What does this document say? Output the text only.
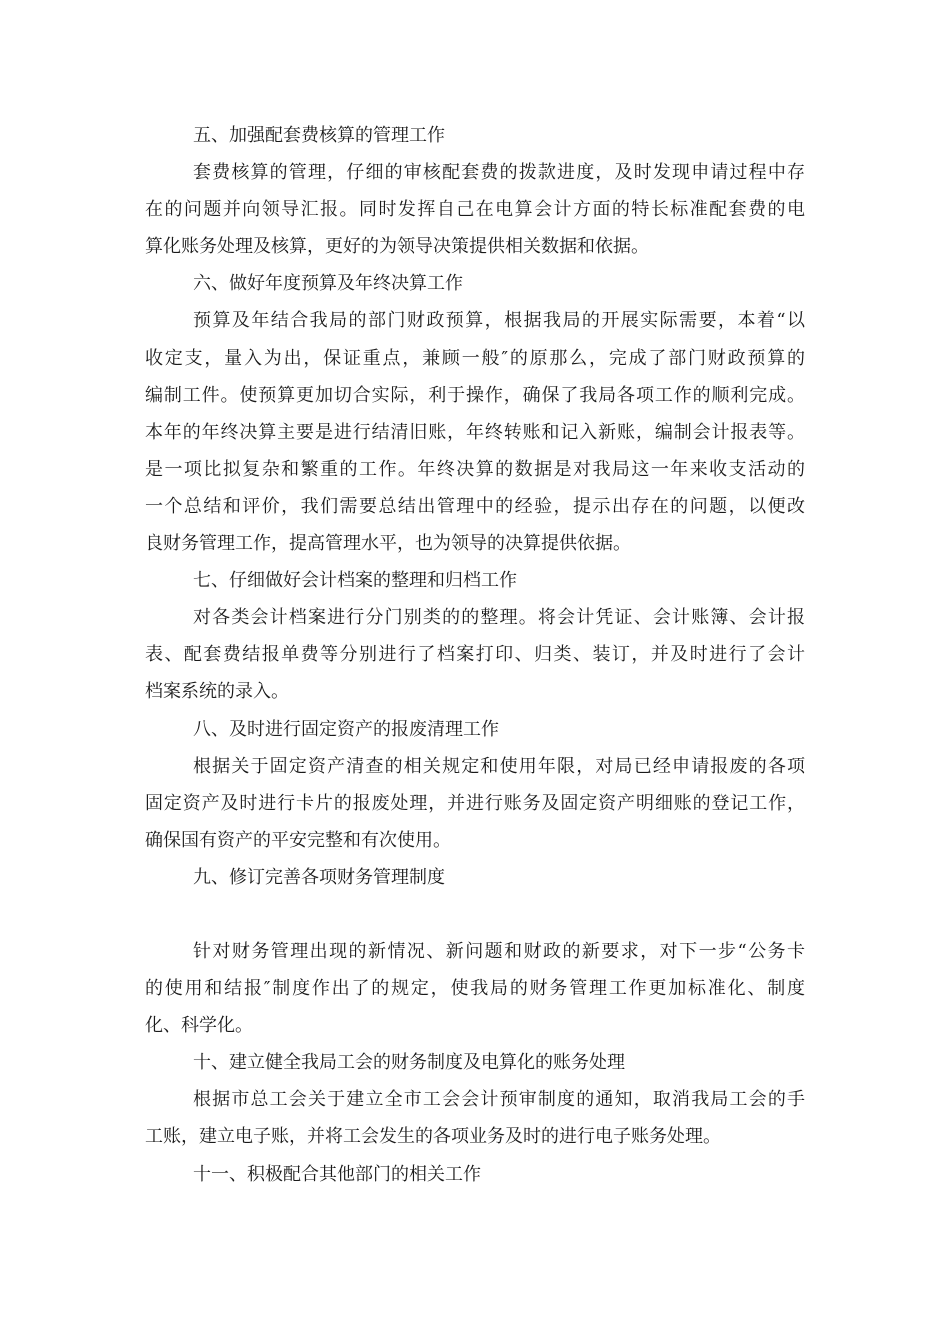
五、加强配套费核算的管理工作
套费核算的管理，仔细的审核配套费的拨款进度，及时发现申请过程中存
在的问题并向领导汇报。同时发挥自己在电算会计方面的特长标准配套费的电
算化账务处理及核算，更好的为领导决策提供相关数据和依据。
六、做好年度预算及年终决算工作
预算及年结合我局的部门财政预算，根据我局的开展实际需要，本着“以
收定支，量入为出，保证重点，兼顾一般″的原那么，完成了部门财政预算的
编制工件。使预算更加切合实际，利于操作，确保了我局各项工作的顺利完成。
本年的年终决算主要是进行结清旧账，年终转账和记入新账，编制会计报表等。
是一项比拟复杂和繁重的工作。年终决算的数据是对我局这一年来收支活动的
一个总结和评价，我们需要总结出管理中的经验，提示出存在的问题，以便改
良财务管理工作，提高管理水平，也为领导的决算提供依据。
七、仔细做好会计档案的整理和归档工作
对各类会计档案进行分门别类的的整理。将会计凭证、会计账簿、会计报
表、配套费结报单费等分别进行了档案打印、归类、装订，并及时进行了会计
档案系统的录入。
八、及时进行固定资产的报废清理工作
根据关于固定资产清查的相关规定和使用年限，对局已经申请报废的各项
固定资产及时进行卡片的报废处理，并进行账务及固定资产明细账的登记工作，
确保国有资产的平安完整和有次使用。
九、修订完善各项财务管理制度
针对财务管理出现的新情况、新问题和财政的新要求，对下一步“公务卡
的使用和结报″制度作出了的规定，使我局的财务管理工作更加标准化、制度
化、科学化。
十、建立健全我局工会的财务制度及电算化的账务处理
根据市总工会关于建立全市工会会计预审制度的通知，取消我局工会的手
工账，建立电子账，并将工会发生的各项业务及时的进行电子账务处理。
十一、积极配合其他部门的相关工作
